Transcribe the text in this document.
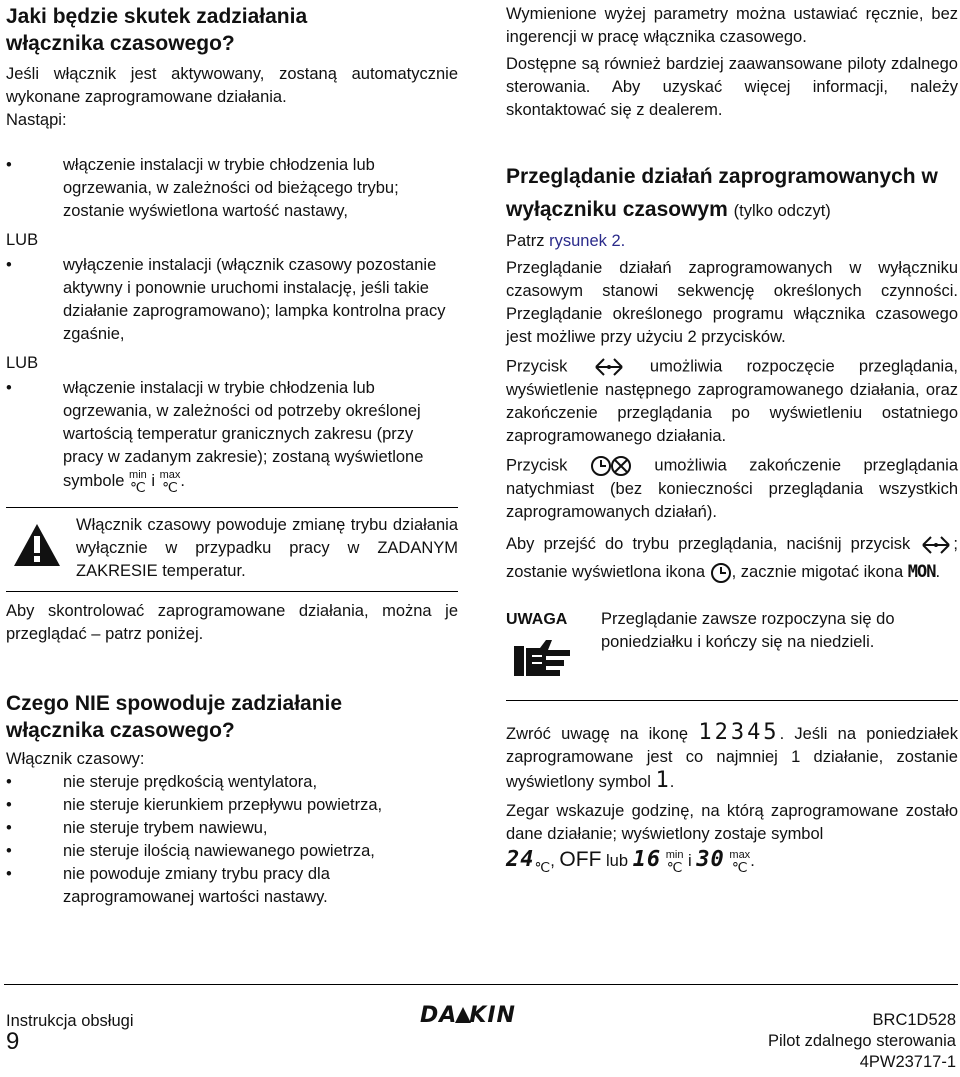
Jaki będzie skutek zadziałania włącznika czasowego?

Jeśli włącznik jest aktywowany, zostaną automatycznie wykonane zaprogramowane działania.

Nastąpi:

• włączenie instalacji w trybie chłodzenia lub ogrzewania, w zależności od bieżącego trybu; zostanie wyświetlona wartość nastawy,

LUB

• wyłączenie instalacji (włącznik czasowy pozostanie aktywny i ponownie uruchomi instalację, jeśli takie działanie zaprogramowano); lampka kontrolna pracy zgaśnie,

LUB

• włączenie instalacji w trybie chłodzenia lub ogrzewania, w zależności od potrzeby określonej wartością temperatur granicznych zakresu (przy pracy w zadanym zakresie); zostaną wyświetlone symbole min
℃ i max
℃ .

Włącznik czasowy powoduje zmianę trybu działania wyłącznie w przypadku pracy w ZADANYM ZAKRESIE temperatur.

Aby skontrolować zaprogramowane działania, można je przeglądać – patrz poniżej.

Czego NIE spowoduje zadziałanie włącznika czasowego?

Włącznik czasowy:

• nie steruje prędkością wentylatora,

• nie steruje kierunkiem przepływu powietrza,

• nie steruje trybem nawiewu,

• nie steruje ilością nawiewanego powietrza,

• nie powoduje zmiany trybu pracy dla zaprogramowanej wartości nastawy.

Wymienione wyżej parametry można ustawiać ręcznie, bez ingerencji w pracę włącznika czasowego.

Dostępne są również bardziej zaawansowane piloty zdalnego sterowania. Aby uzyskać więcej informacji, należy skontaktować się z dealerem.

Przeglądanie działań zaprogramowanych w wyłączniku czasowym (tylko odczyt)

Patrz rysunek 2.

Przeglądanie działań zaprogramowanych w wyłączniku czasowym stanowi sekwencję określonych czynności. Przeglądanie określonego programu włącznika czasowego jest możliwe przy użyciu 2 przycisków.

Przycisk	umożliwia rozpoczęcie przeglądania, wyświetlenie następnego zaprogramowanego działania, oraz zakończenie przeglądania po wyświetleniu ostatniego zaprogramowanego działania.

Przycisk	umożliwia zakończenie przeglądania natychmiast (bez konieczności przeglądania wszystkich zaprogramowanych działań).

Aby przejść do trybu przeglądania, naciśnij przycisk	; zostanie wyświetlona ikona , zacznie migotać ikona MON.

UWAGA Przeglądanie zawsze rozpoczyna się do poniedziałku i kończy się na niedzieli.

Zwróć uwagę na ikonę 12345. Jeśli na poniedziałek zaprogramowane jest co najmniej 1 działanie, zostanie wyświetlony symbol 1.

Zegar wskazuje godzinę, na którą zaprogramowane zostało dane działanie; wyświetlony zostaje symbol

24℃, OFF lub 16 min
℃ i 30 max
℃ .

Instrukcja obsługi
9
DA KIN	BRC1D528
Pilot zdalnego sterowania
4PW23717-1
